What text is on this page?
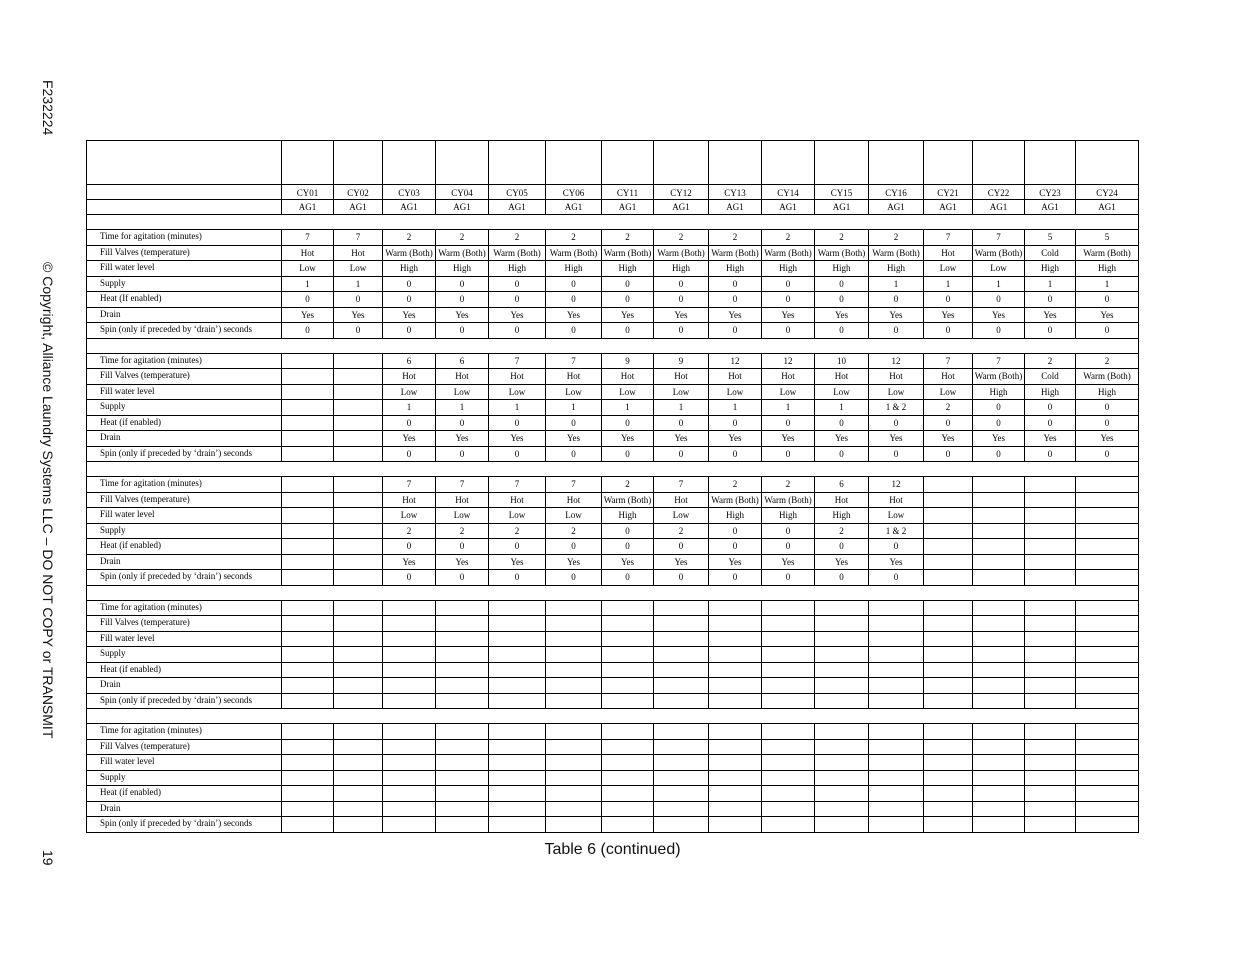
F232224
© Copyright, Alliance Laundry Systems LLC – DO NOT COPY or TRANSMIT
19

	CY01	CY02	CY03	CY04	CY05	CY06	CY11	CY12	CY13	CY14	CY15	CY16	CY21	CY22	CY23	CY24
	AG1	AG1	AG1	AG1	AG1	AG1	AG1	AG1	AG1	AG1	AG1	AG1	AG1	AG1	AG1	AG1

Time for agitation (minutes)	7	7	2	2	2	2	2	2	2	2	2	2	7	7	5	5
Fill Valves (temperature)	Hot	Hot	Warm (Both)	Warm (Both)	Warm (Both)	Warm (Both)	Warm (Both)	Warm (Both)	Warm (Both)	Warm (Both)	Warm (Both)	Warm (Both)	Hot	Warm (Both)	Cold	Warm (Both)
Fill water level	Low	Low	High	High	High	High	High	High	High	High	High	High	Low	Low	High	High
Supply	1	1	0	0	0	0	0	0	0	0	0	1	1	1	1	1
Heat (If enabled)	0	0	0	0	0	0	0	0	0	0	0	0	0	0	0	0
Drain	Yes	Yes	Yes	Yes	Yes	Yes	Yes	Yes	Yes	Yes	Yes	Yes	Yes	Yes	Yes	Yes
Spin (only if preceded by ‘drain’) seconds	0	0	0	0	0	0	0	0	0	0	0	0	0	0	0	0

Time for agitation (minutes)			6	6	7	7	9	9	12	12	10	12	7	7	2	2
Fill Valves (temperature)			Hot	Hot	Hot	Hot	Hot	Hot	Hot	Hot	Hot	Hot	Hot	Warm (Both)	Cold	Warm (Both)
Fill water level			Low	Low	Low	Low	Low	Low	Low	Low	Low	Low	Low	High	High	High
Supply			1	1	1	1	1	1	1	1	1	1 & 2	2	0	0	0
Heat (if enabled)			0	0	0	0	0	0	0	0	0	0	0	0	0	0
Drain			Yes	Yes	Yes	Yes	Yes	Yes	Yes	Yes	Yes	Yes	Yes	Yes	Yes	Yes
Spin (only if preceded by ‘drain’) seconds			0	0	0	0	0	0	0	0	0	0	0	0	0	0

Time for agitation (minutes)			7	7	7	7	2	7	2	2	6	12				
Fill Valves (temperature)			Hot	Hot	Hot	Hot	Warm (Both)	Hot	Warm (Both)	Warm (Both)	Hot	Hot				
Fill water level			Low	Low	Low	Low	High	Low	High	High	High	Low				
Supply			2	2	2	2	0	2	0	0	2	1 & 2				
Heat (if enabled)			0	0	0	0	0	0	0	0	0	0				
Drain			Yes	Yes	Yes	Yes	Yes	Yes	Yes	Yes	Yes	Yes				
Spin (only if preceded by ‘drain’) seconds			0	0	0	0	0	0	0	0	0	0				

Time for agitation (minutes)																
Fill Valves (temperature)																
Fill water level																
Supply																
Heat (if enabled)																
Drain																
Spin (only if preceded by ‘drain’) seconds																

Time for agitation (minutes)																
Fill Valves (temperature)																
Fill water level																
Supply																
Heat (if enabled)																
Drain																
Spin (only if preceded by ‘drain’) seconds																
Table 6 (continued)
